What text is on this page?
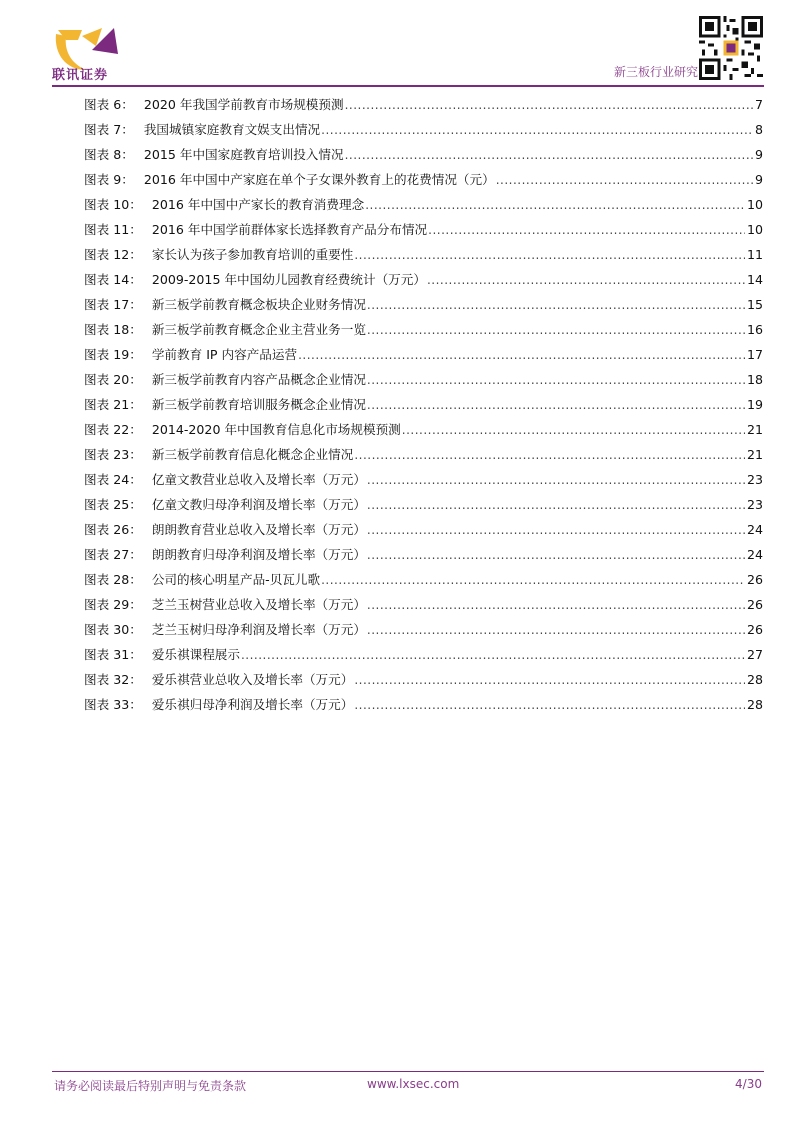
联讯证券	新三板行业研究
图表 6： 2020 年我国学前教育市场规模预测 .....	7
图表 7： 我国城镇家庭教育文娱支出情况 .....	8
图表 8： 2015 年中国家庭教育培训投入情况 .....	9
图表 9： 2016 年中国中产家庭在单个子女课外教育上的花费情况（元） .....	9
图表 10： 2016 年中国中产家长的教育消费理念 .....	10
图表 11： 2016 年中国学前群体家长选择教育产品分布情况 .....	10
图表 12： 家长认为孩子参加教育培训的重要性 .....	11
图表 14： 2009-2015 年中国幼儿园教育经费统计（万元） .....	14
图表 17： 新三板学前教育概念板块企业财务情况 .....	15
图表 18： 新三板学前教育概念企业主营业务一览 .....	16
图表 19： 学前教育 IP 内容产品运营 .....	17
图表 20： 新三板学前教育内容产品概念企业情况 .....	18
图表 21： 新三板学前教育培训服务概念企业情况 .....	19
图表 22： 2014-2020 年中国教育信息化市场规模预测 .....	21
图表 23： 新三板学前教育信息化概念企业情况 .....	21
图表 24： 亿童文教营业总收入及增长率（万元） .....	23
图表 25： 亿童文教归母净利润及增长率（万元） .....	23
图表 26： 朗朗教育营业总收入及增长率（万元） .....	24
图表 27： 朗朗教育归母净利润及增长率（万元） .....	24
图表 28： 公司的核心明星产品-贝瓦儿歌 .....	26
图表 29： 芝兰玉树营业总收入及增长率（万元） .....	26
图表 30： 芝兰玉树归母净利润及增长率（万元） .....	26
图表 31： 爱乐祺课程展示 .....	27
图表 32： 爱乐祺营业总收入及增长率（万元） .....	28
图表 33： 爱乐祺归母净利润及增长率（万元） .....	28
请务必阅读最后特别声明与免责条款	www.lxsec.com	4/30
